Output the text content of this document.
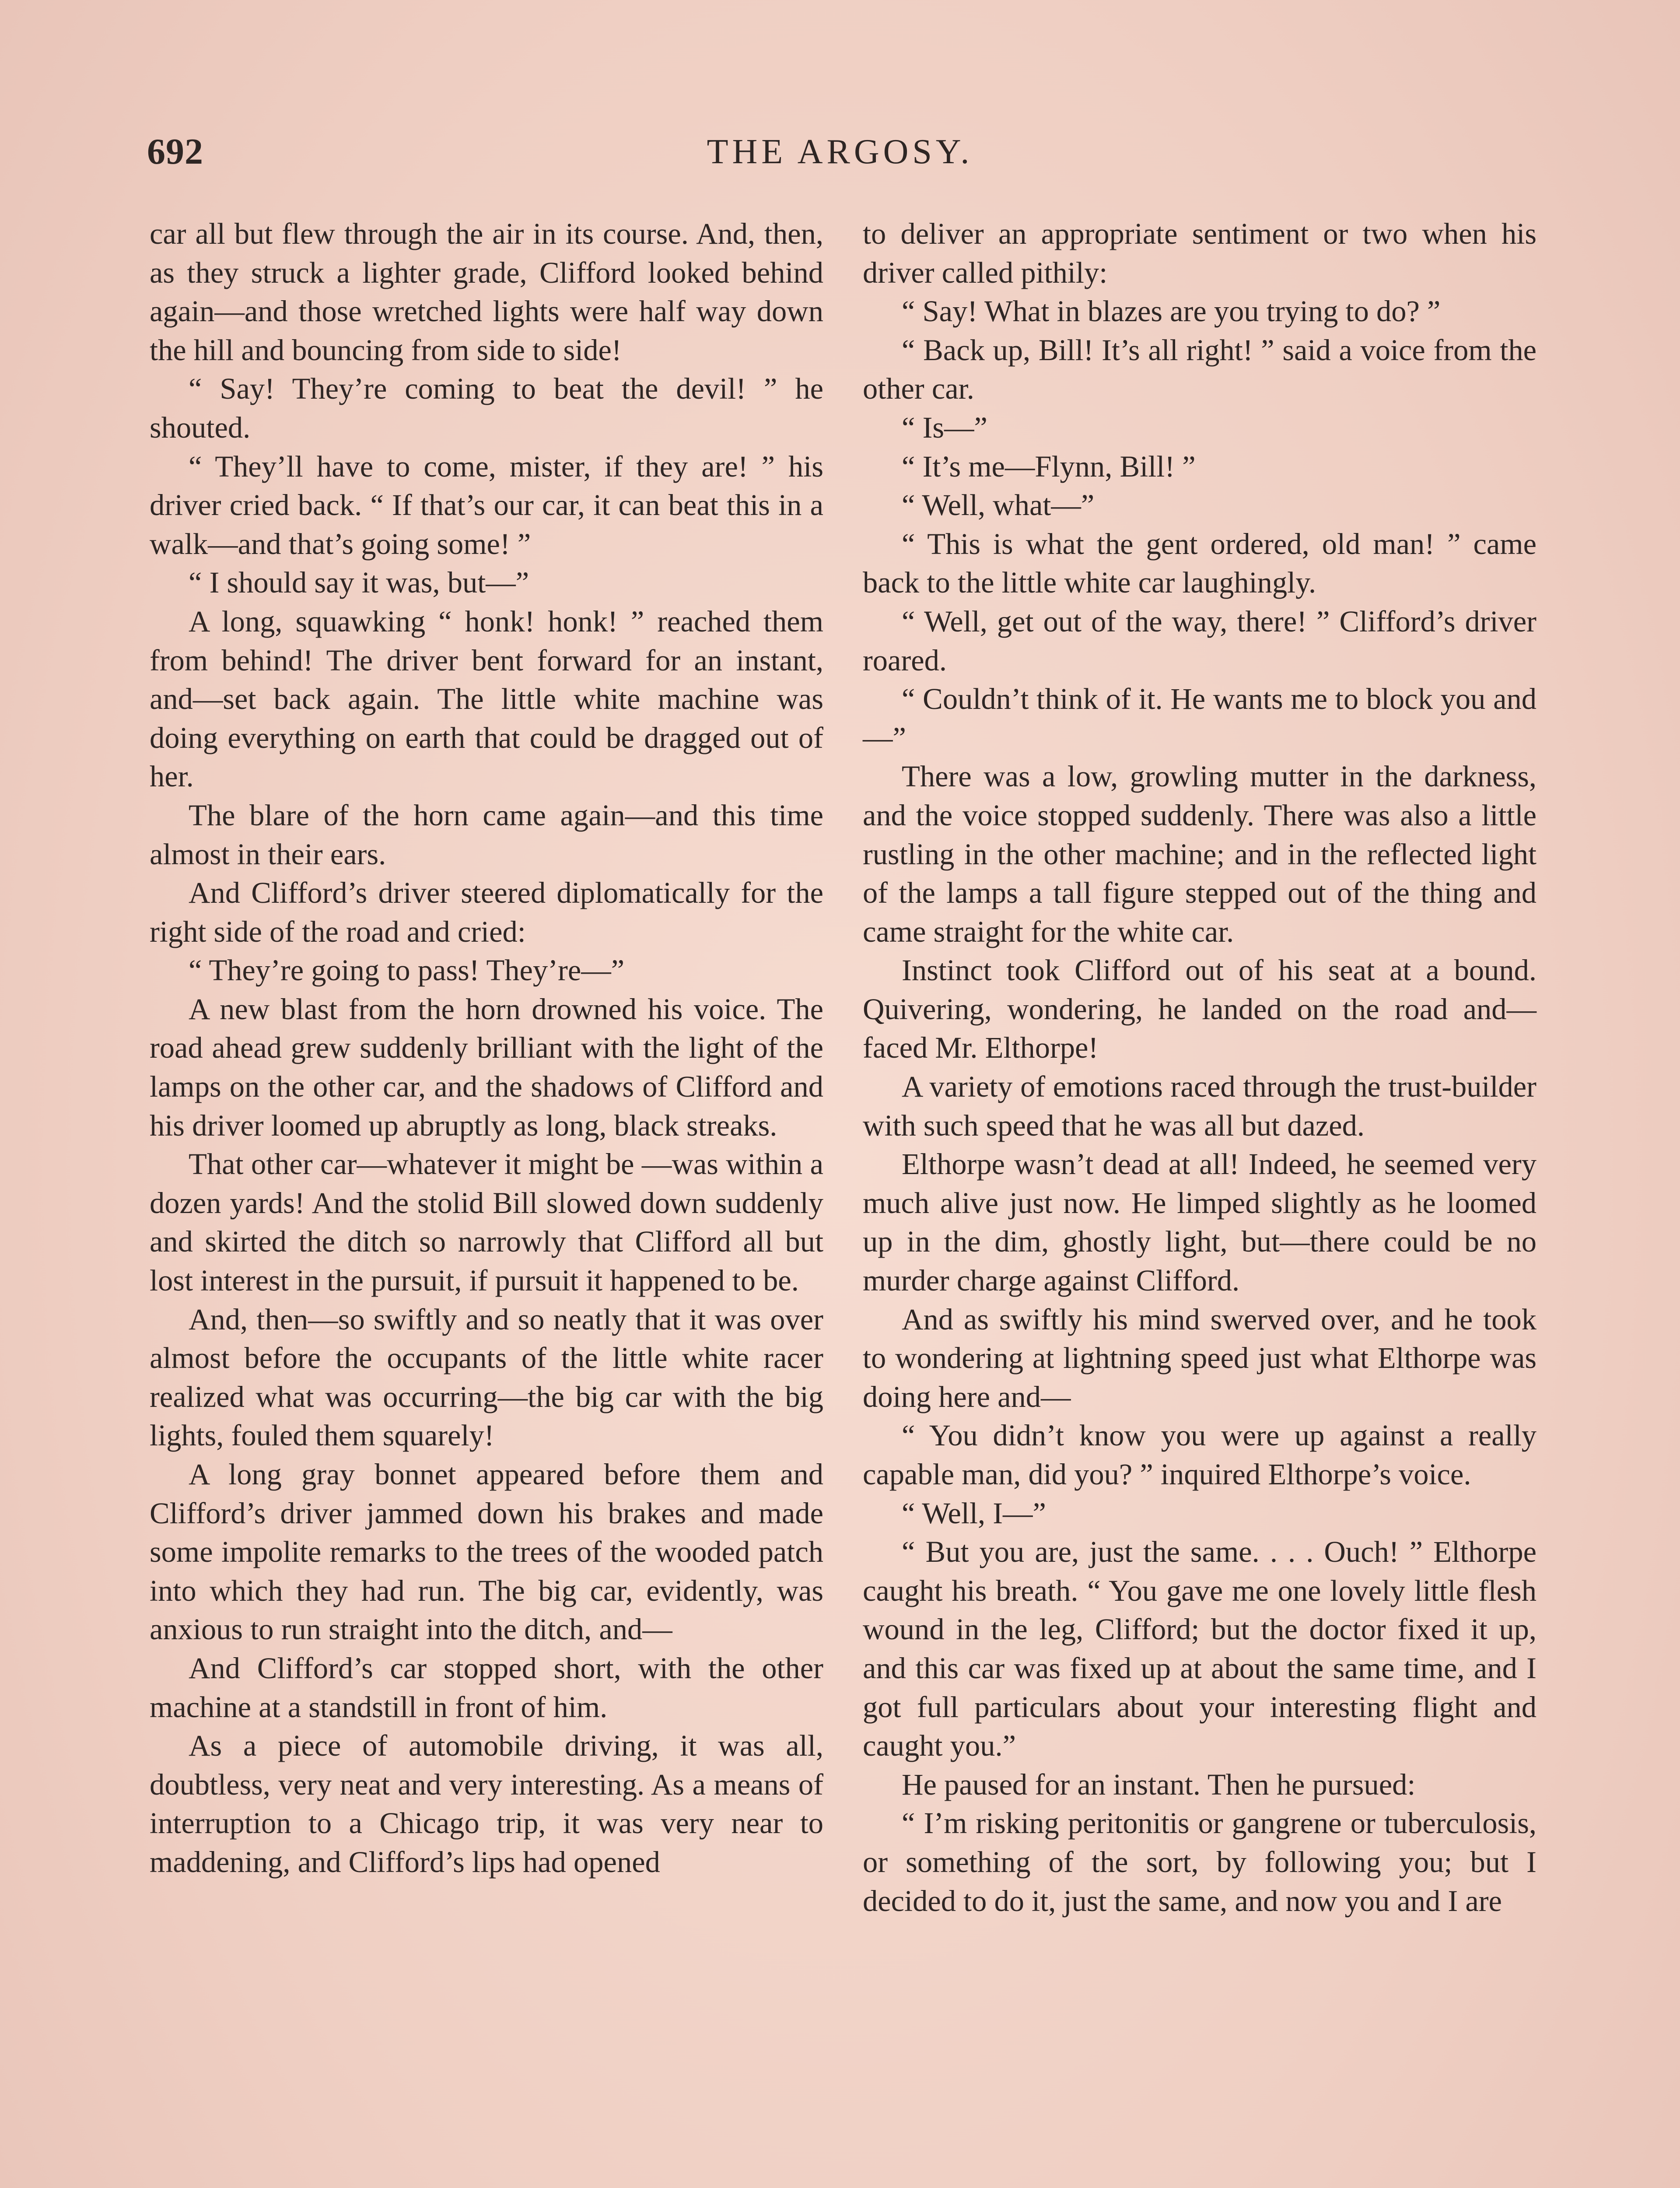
692	THE ARGOSY.

car all but flew through the air in its course. And, then, as they struck a lighter grade, Clifford looked behind again—and those wretched lights were half way down the hill and bouncing from side to side!

“ Say! They’re coming to beat the devil! ” he shouted.

“ They’ll have to come, mister, if they are! ” his driver cried back. “ If that’s our car, it can beat this in a walk—and that’s going some! ”

“ I should say it was, but—”

A long, squawking “ honk! honk! ” reached them from behind! The driver bent forward for an instant, and—set back again. The little white machine was doing everything on earth that could be dragged out of her.

The blare of the horn came again—and this time almost in their ears.

And Clifford’s driver steered diplomatically for the right side of the road and cried:

“ They’re going to pass! They’re—”

A new blast from the horn drowned his voice. The road ahead grew suddenly brilliant with the light of the lamps on the other car, and the shadows of Clifford and his driver loomed up abruptly as long, black streaks.

That other car—whatever it might be —was within a dozen yards! And the stolid Bill slowed down suddenly and skirted the ditch so narrowly that Clifford all but lost interest in the pursuit, if pursuit it happened to be.

And, then—so swiftly and so neatly that it was over almost before the occupants of the little white racer realized what was occurring—the big car with the big lights, fouled them squarely!

A long gray bonnet appeared before them and Clifford’s driver jammed down his brakes and made some impolite remarks to the trees of the wooded patch into which they had run. The big car, evidently, was anxious to run straight into the ditch, and—

And Clifford’s car stopped short, with the other machine at a standstill in front of him.

As a piece of automobile driving, it was all, doubtless, very neat and very interesting. As a means of interruption to a Chicago trip, it was very near to maddening, and Clifford’s lips had opened

to deliver an appropriate sentiment or two when his driver called pithily:

“ Say! What in blazes are you trying to do? ”

“ Back up, Bill! It’s all right! ” said a voice from the other car.

“ Is—”

“ It’s me—Flynn, Bill! ”

“ Well, what—”

“ This is what the gent ordered, old man! ” came back to the little white car laughingly.

“ Well, get out of the way, there! ” Clifford’s driver roared.

“ Couldn’t think of it. He wants me to block you and—”

There was a low, growling mutter in the darkness, and the voice stopped suddenly. There was also a little rustling in the other machine; and in the reflected light of the lamps a tall figure stepped out of the thing and came straight for the white car.

Instinct took Clifford out of his seat at a bound. Quivering, wondering, he landed on the road and—faced Mr. Elthorpe!

A variety of emotions raced through the trust-builder with such speed that he was all but dazed.

Elthorpe wasn’t dead at all! Indeed, he seemed very much alive just now. He limped slightly as he loomed up in the dim, ghostly light, but—there could be no murder charge against Clifford.

And as swiftly his mind swerved over, and he took to wondering at lightning speed just what Elthorpe was doing here and—

“ You didn’t know you were up against a really capable man, did you? ” inquired Elthorpe’s voice.

“ Well, I—”

“ But you are, just the same. . . . Ouch! ” Elthorpe caught his breath. “ You gave me one lovely little flesh wound in the leg, Clifford; but the doctor fixed it up, and this car was fixed up at about the same time, and I got full particulars about your interesting flight and caught you.”

He paused for an instant. Then he pursued:

“ I’m risking peritonitis or gangrene or tuberculosis, or something of the sort, by following you; but I decided to do it, just the same, and now you and I are
